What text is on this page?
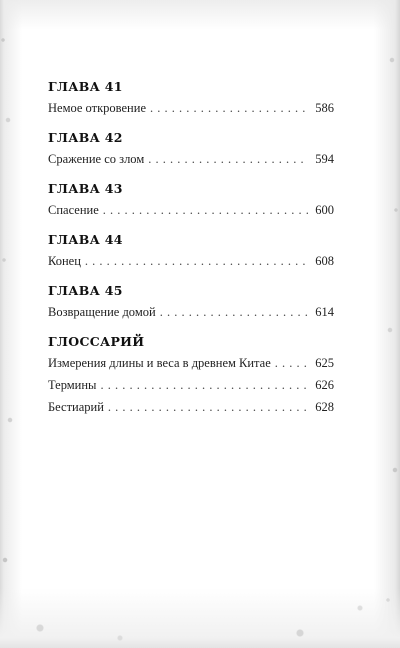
ГЛАВА 41
Немое откровение . . .	586
ГЛАВА 42
Сражение со злом . . .	594
ГЛАВА 43
Спасение . . .	600
ГЛАВА 44
Конец . . .	608
ГЛАВА 45
Возвращение домой . . .	614
ГЛОССАРИЙ
Измерения длины и веса в древнем Китае . . .	625
Термины . . .	626
Бестиарий . . .	628
